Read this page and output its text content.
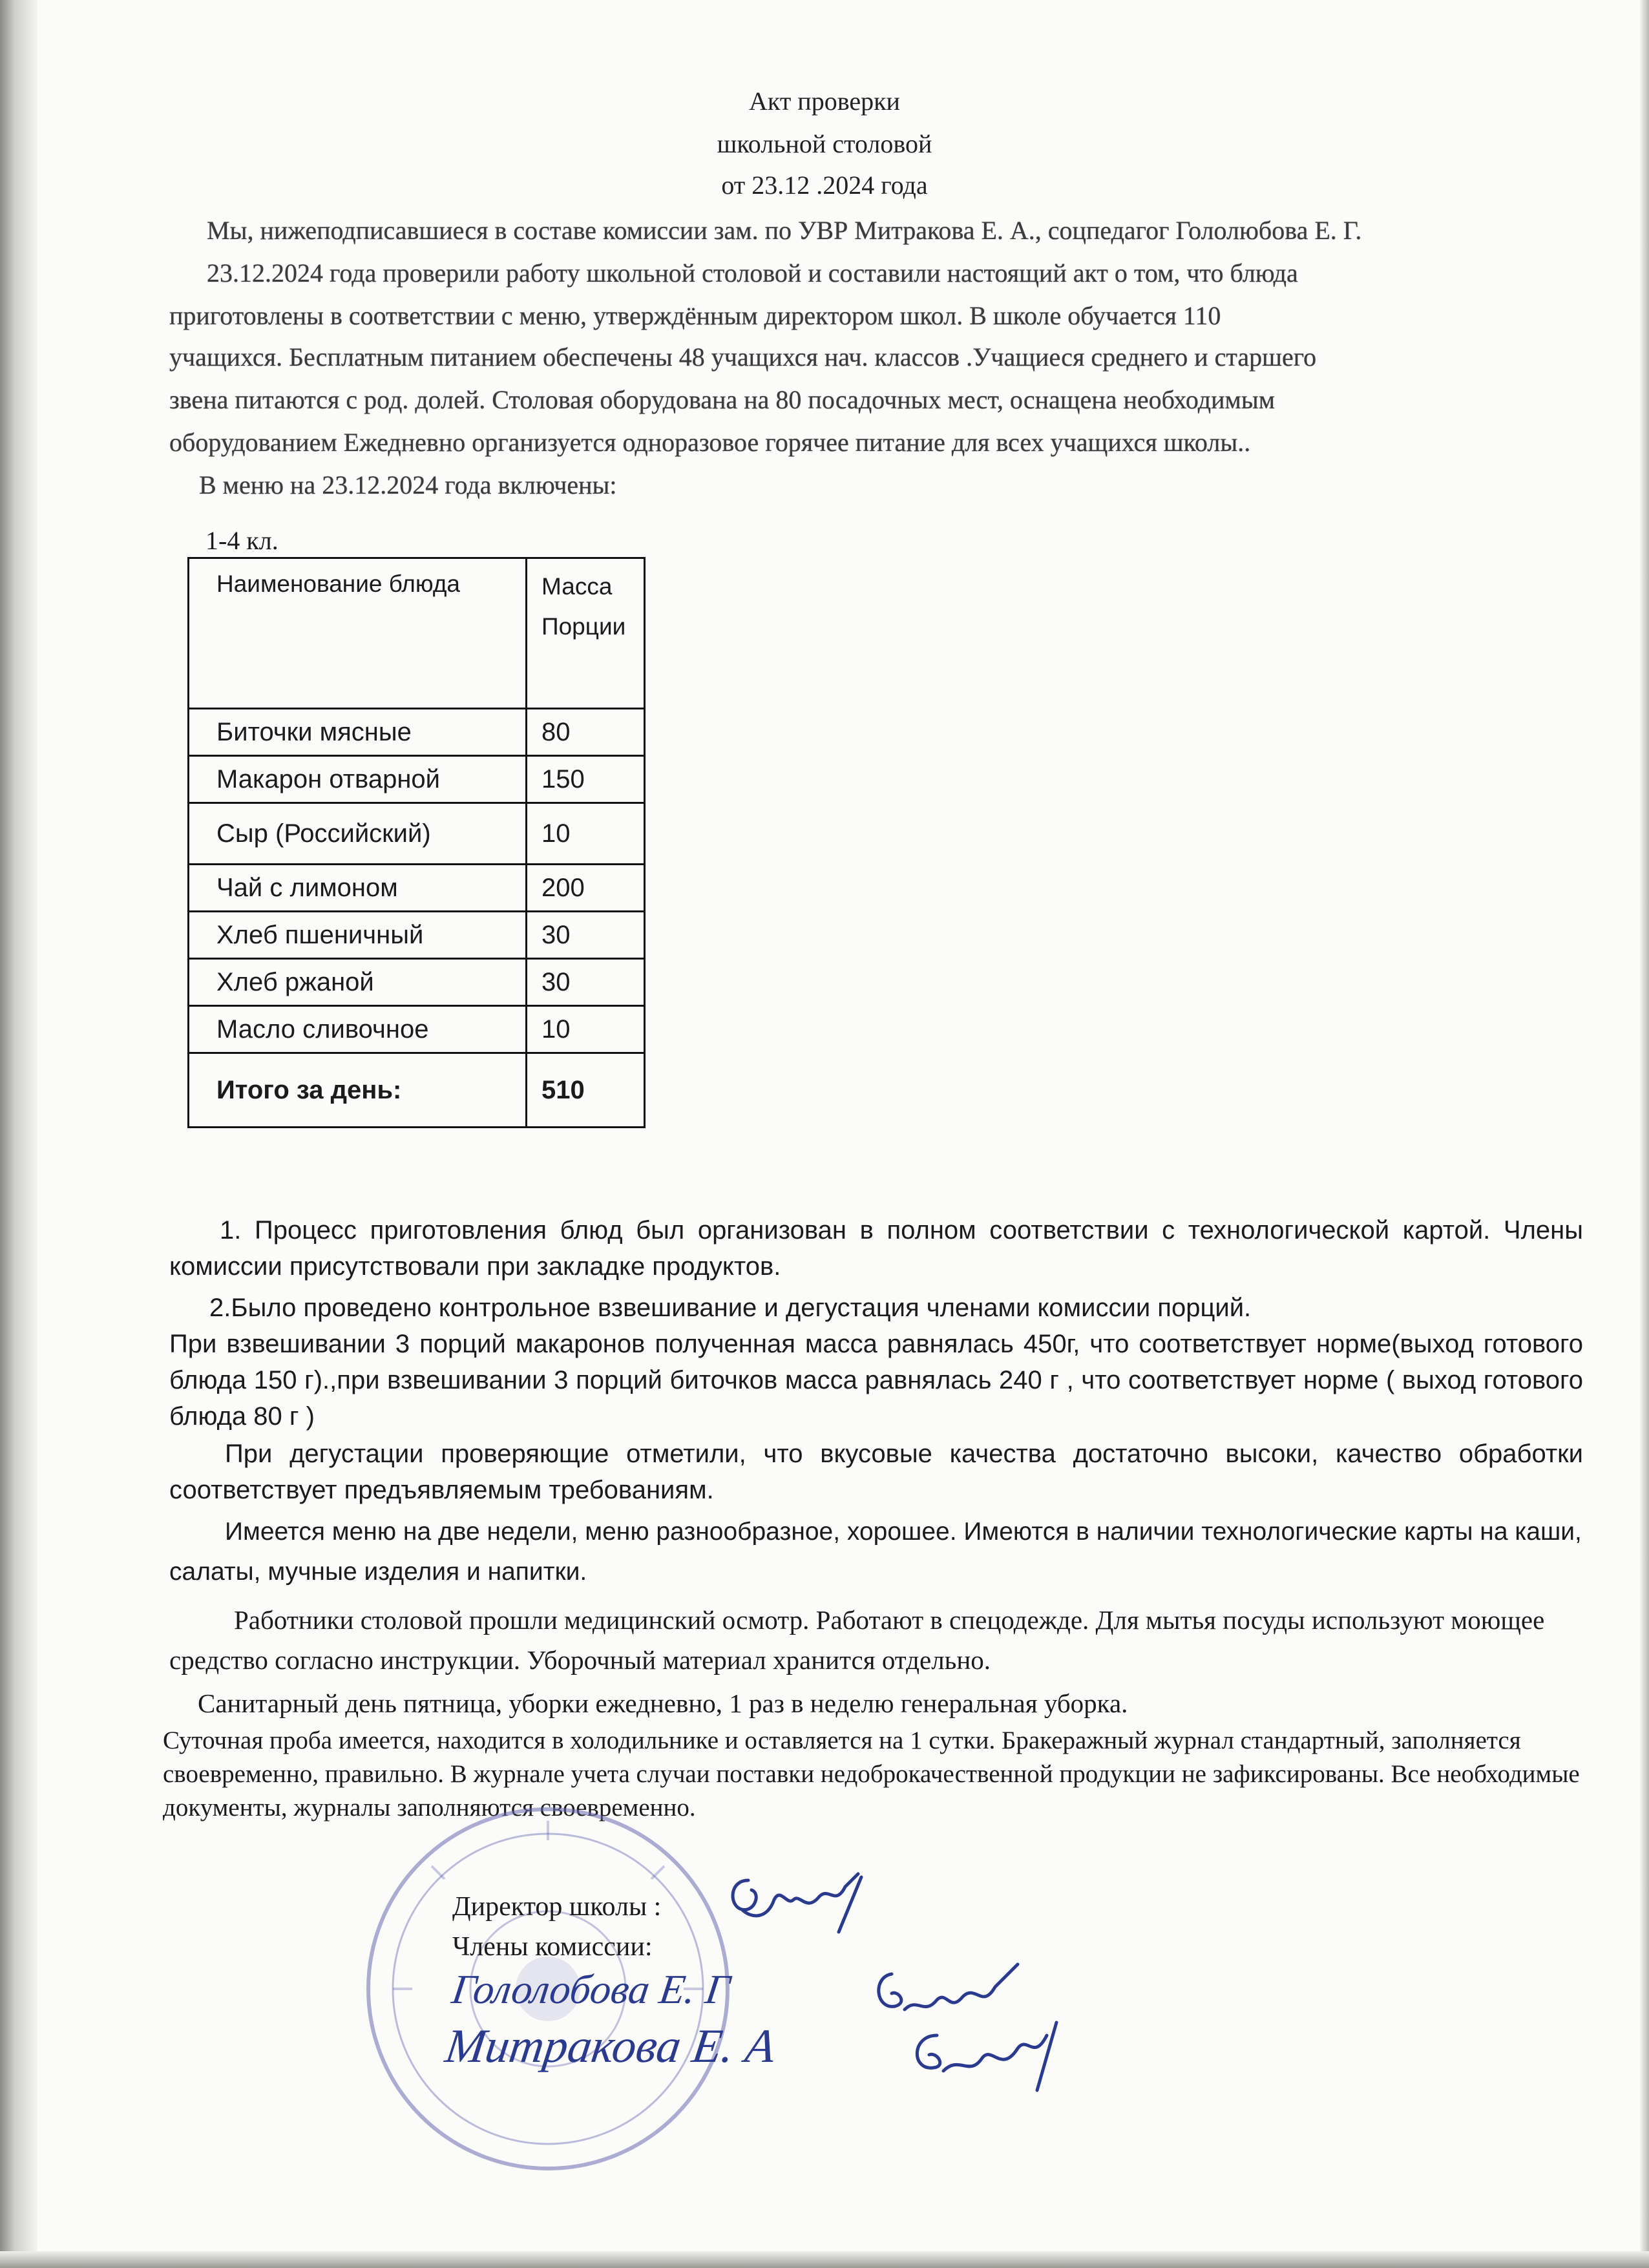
Акт проверки
школьной столовой
от 23.12 .2024 года
Мы, нижеподписавшиеся в составе комиссии зам. по УВР Митракова Е. А., соцпедагог Гололюбова Е. Г.
23.12.2024 года проверили работу школьной столовой и составили настоящий акт о том, что блюда
приготовлены в соответствии с меню, утверждённым директором школ. В школе обучается 110
учащихся. Бесплатным питанием обеспечены 48 учащихся нач. классов .Учащиеся среднего и старшего
звена питаются с род. долей. Столовая оборудована на 80 посадочных мест, оснащена необходимым
оборудованием Ежедневно организуется одноразовое горячее питание для всех учащихся школы..
В меню на 23.12.2024 года включены:
1-4 кл.
Наименование блюда	Масса
Порции

Биточки мясные	80
Макарон отварной	150
Сыр (Российский)	10
Чай с лимоном	200
Хлеб пшеничный	30
Хлеб ржаной	30
Масло сливочное	10
Итого за день:	510
1. Процесс приготовления блюд был организован в полном соответствии с технологической картой. Члены комиссии присутствовали при закладке продуктов.
2.Было проведено контрольное взвешивание и дегустация членами комиссии порций.
При взвешивании 3 порций макаронов полученная масса равнялась 450г, что соответствует норме(выход готового блюда 150 г).,при взвешивании 3 порций биточков масса равнялась 240 г , что соответствует норме ( выход готового блюда 80 г )
При дегустации проверяющие отметили, что вкусовые качества достаточно высоки, качество обработки соответствует предъявляемым требованиям.
Имеется меню на две недели, меню разнообразное, хорошее. Имеются в наличии технологические карты на каши, салаты, мучные изделия и напитки.
Работники столовой прошли медицинский осмотр. Работают в спецодежде. Для мытья посуды используют моющее средство согласно инструкции. Уборочный материал хранится отдельно.
Санитарный день пятница, уборки ежедневно, 1 раз в неделю генеральная уборка.
Суточная проба имеется, находится в холодильнике и оставляется на 1 сутки. Бракеражный журнал стандартный, заполняется своевременно, правильно. В журнале учета случаи поставки недоброкачественной продукции не зафиксированы. Все необходимые документы, журналы заполняются своевременно.
Директор школы :
Члены комиссии:
Гололобова Е. Г
Митракова Е. А
